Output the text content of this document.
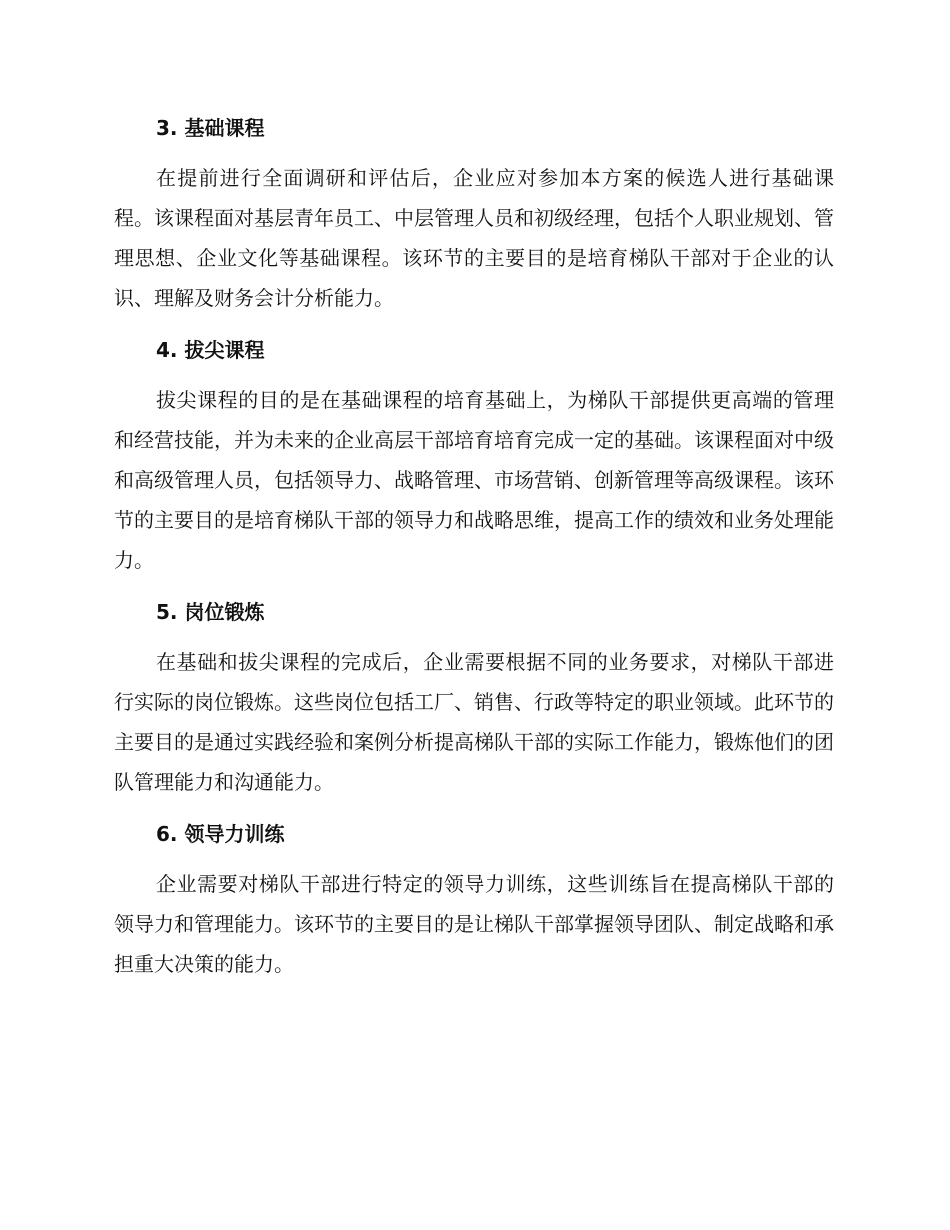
3. 基础课程

在提前进行全面调研和评估后，企业应对参加本方案的候选人进行基础课程。该课程面对基层青年员工、中层管理人员和初级经理，包括个人职业规划、管理思想、企业文化等基础课程。该环节的主要目的是培育梯队干部对于企业的认识、理解及财务会计分析能力。

4. 拔尖课程

拔尖课程的目的是在基础课程的培育基础上，为梯队干部提供更高端的管理和经营技能，并为未来的企业高层干部培育培育完成一定的基础。该课程面对中级和高级管理人员，包括领导力、战略管理、市场营销、创新管理等高级课程。该环节的主要目的是培育梯队干部的领导力和战略思维，提高工作的绩效和业务处理能力。

5. 岗位锻炼

在基础和拔尖课程的完成后，企业需要根据不同的业务要求，对梯队干部进行实际的岗位锻炼。这些岗位包括工厂、销售、行政等特定的职业领域。此环节的主要目的是通过实践经验和案例分析提高梯队干部的实际工作能力，锻炼他们的团队管理能力和沟通能力。

6. 领导力训练

企业需要对梯队干部进行特定的领导力训练，这些训练旨在提高梯队干部的领导力和管理能力。该环节的主要目的是让梯队干部掌握领导团队、制定战略和承担重大决策的能力。
